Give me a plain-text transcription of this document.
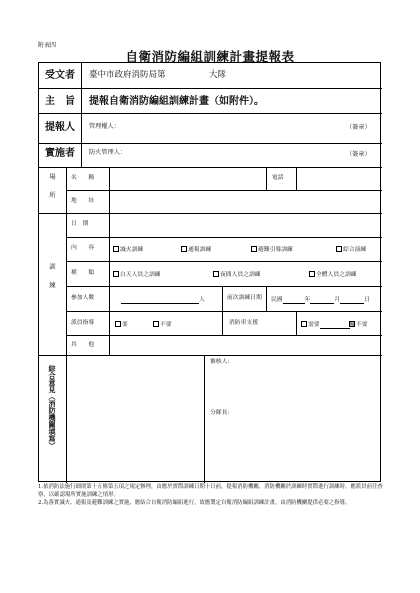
附表四
自衛消防編組訓練計畫提報表
受文者 臺中市政府消防局第	大隊
主　旨 提報自衛消防編組訓練計畫（如附件）。
提報人 管理權人：	（簽章）
實施者 防火管理人：	（簽章）
場所	名　　稱	電話
地　　址
訓練
日　期
內　　容	滅火訓練	通報訓練	避難引導訓練	綜合演練
種　　類	白天人員之訓練	夜間人員之訓練	全體人員之訓練
參加人數	人	前次訓練日期 民國	年	月	日
派員指導	要	不要	消防車支援	需要	輛 不要
其　　他
綜合意見（消防機關填寫）
審核人：
分隊長：
1.依消防法施行細則第十五條第五項之規定辦理，由應於實際訓練日期十日前，提報消防機關，消防機關於訓練時實際進行訓練時，應派員前往查察，以確認場所實施訓練之情形。
2.為落實滅火、通報及避難訓練之實施，應結合自衛消防編組進行，故應製定自衛消防編組訓練計畫，由消防機關提供必要之指導。
